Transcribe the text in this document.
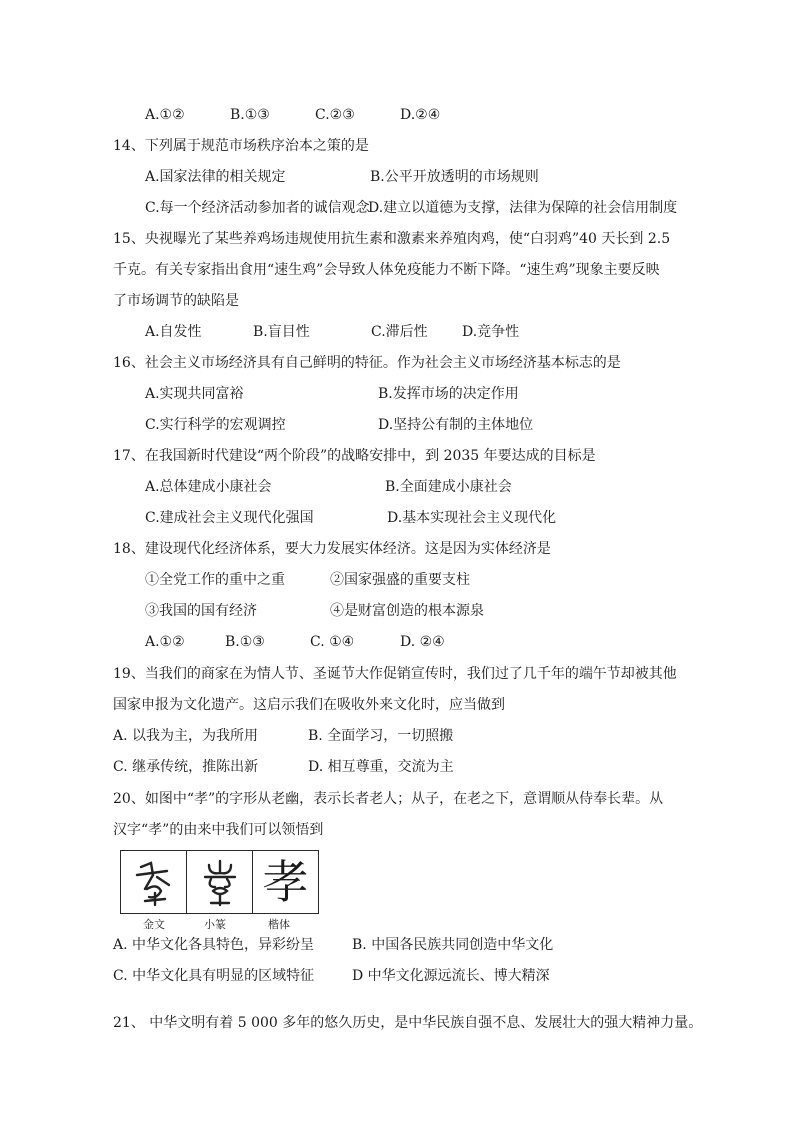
A.①②	B.①③	C.②③	D.②④
14、下列属于规范市场秩序治本之策的是
A.国家法律的相关规定	B.公平开放透明的市场规则
C.每一个经济活动参加者的诚信观念
D.建立以道德为支撑，法律为保障的社会信用制度
15、央视曝光了某些养鸡场违规使用抗生素和激素来养殖肉鸡，使“白羽鸡”40 天长到 2.5
千克。有关专家指出食用“速生鸡”会导致人体免疫能力不断下降。“速生鸡”现象主要反映
了市场调节的缺陷是
A.自发性	B.盲目性	C.滞后性 D.竞争性
16、社会主义市场经济具有自己鲜明的特征。作为社会主义市场经济基本标志的是
A.实现共同富裕	B.发挥市场的决定作用
C.实行科学的宏观调控	D.坚持公有制的主体地位
17、在我国新时代建设“两个阶段”的战略安排中，到 2035 年要达成的目标是
A.总体建成小康社会	B.全面建成小康社会
C.建成社会主义现代化强国	D.基本实现社会主义现代化
18、建设现代化经济体系，要大力发展实体经济。这是因为实体经济是
①全党工作的重中之重	②国家强盛的重要支柱
③我国的国有经济	④是财富创造的根本源泉
A.①②	B.①③	C. ①④	D. ②④
19、当我们的商家在为情人节、圣诞节大作促销宣传时，我们过了几千年的端午节却被其他
国家申报为文化遗产。这启示我们在吸收外来文化时，应当做到
A. 以我为主，为我所用	B. 全面学习，一切照搬
C. 继承传统，推陈出新	D. 相互尊重，交流为主
20、如图中“孝”的字形从老幽，表示长者老人；从子，在老之下，意谓顺从侍奉长辈。从
汉字“孝”的由来中我们可以领悟到
孝
金文	小篆	楷体
A. 中华文化各具特色，异彩纷呈	B. 中国各民族共同创造中华文化
C. 中华文化具有明显的区域特征	D 中华文化源远流长、博大精深
21、 中华文明有着 5 000 多年的悠久历史，是中华民族自强不息、发展壮大的强大精神力量。
